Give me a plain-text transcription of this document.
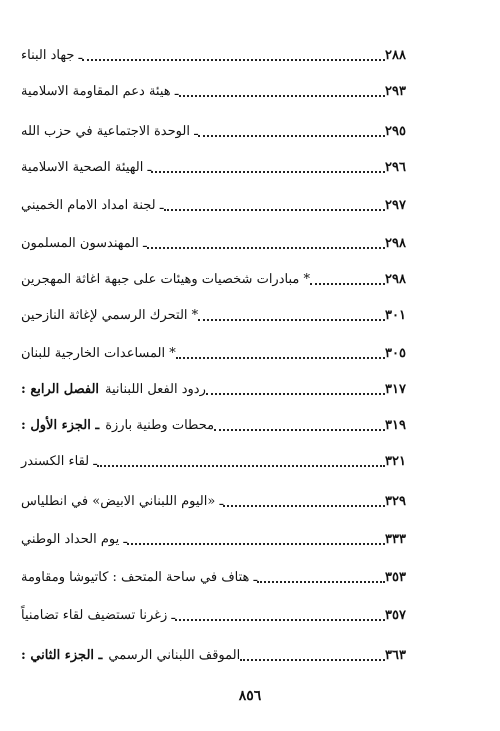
ـ جهاد البناء	٢٨٨
ـ هيئة دعم المقاومة الاسلامية	٢٩٣
ـ الوحدة الاجتماعية في حزب الله	٢٩٥
ـ الهيئة الصحية الاسلامية	٢٩٦
ـ لجنة امداد الامام الخميني	٢٩٧
ـ المهندسون المسلمون	٢٩٨
* مبادرات شخصيات وهيئات على جبهة اغاثة المهجرين	٢٩٨
* التحرك الرسمي لإغاثة النازحين	٣٠١
* المساعدات الخارجية للبنان	٣٠٥
الفصل الرابع : ردود الفعل اللبنانية	٣١٧
ـ الجزء الأول : محطات وطنية بارزة	٣١٩
ـ لقاء الكسندر	٣٢١
ـ «اليوم اللبناني الابيض» في انطلياس	٣٢٩
ـ يوم الحداد الوطني	٣٣٣
ـ هتاف في ساحة المتحف : كاتيوشا ومقاومة	٣٥٣
ـ زغرنا تستضيف لقاء تضامنياً	٣٥٧
ـ الجزء الثاني : الموقف اللبناني الرسمي	٣٦٣
٨٥٦
